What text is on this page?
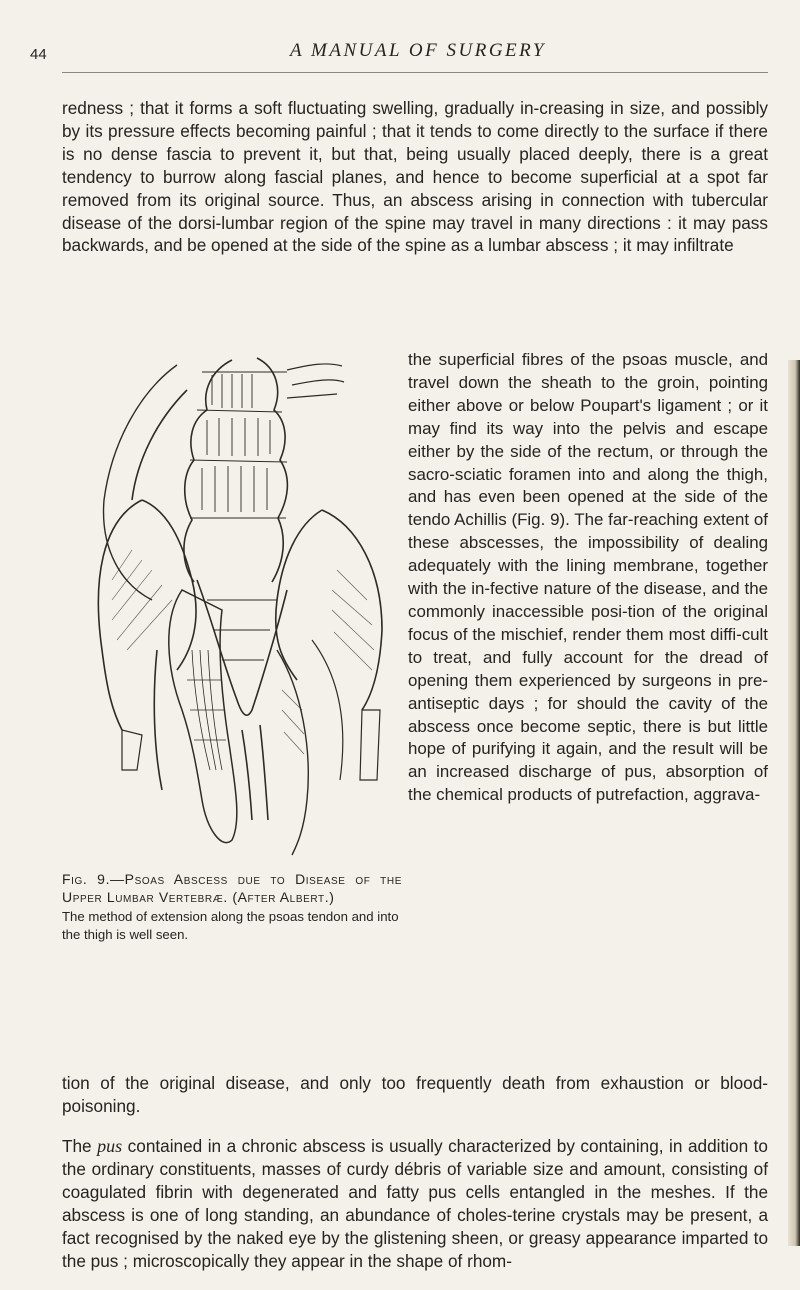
44	A MANUAL OF SURGERY

redness ; that it forms a soft fluctuating swelling, gradually in-creasing in size, and possibly by its pressure effects becoming painful ; that it tends to come directly to the surface if there is no dense fascia to prevent it, but that, being usually placed deeply, there is a great tendency to burrow along fascial planes, and hence to become superficial at a spot far removed from its original source. Thus, an abscess arising in connection with tubercular disease of the dorsi-lumbar region of the spine may travel in many directions : it may pass backwards, and be opened at the side of the spine as a lumbar abscess ; it may infiltrate

the superficial fibres of the psoas muscle, and travel down the sheath to the groin, pointing either above or below Poupart's ligament ; or it may find its way into the pelvis and escape either by the side of the rectum, or through the sacro-sciatic foramen into and along the thigh, and has even been opened at the side of the tendo Achillis (Fig. 9). The far-reaching extent of these abscesses, the impossibility of dealing adequately with the lining membrane, together with the in-fective nature of the disease, and the commonly inaccessible posi-tion of the original focus of the mischief, render them most diffi-cult to treat, and fully account for the dread of opening them experienced by surgeons in pre-antiseptic days ; for should the cavity of the abscess once become septic, there is but little hope of purifying it again, and the result will be an increased discharge of pus, absorption of the chemical products of putrefaction, aggrava-

Fig. 9.—Psoas Abscess due to Disease of the Upper Lumbar Vertebræ. (After Albert.)
The method of extension along the psoas tendon and into the thigh is well seen.

tion of the original disease, and only too frequently death from exhaustion or blood-poisoning.

The pus contained in a chronic abscess is usually characterized by containing, in addition to the ordinary constituents, masses of curdy débris of variable size and amount, consisting of coagulated fibrin with degenerated and fatty pus cells entangled in the meshes. If the abscess is one of long standing, an abundance of choles-terine crystals may be present, a fact recognised by the naked eye by the glistening sheen, or greasy appearance imparted to the pus ; microscopically they appear in the shape of rhom-
